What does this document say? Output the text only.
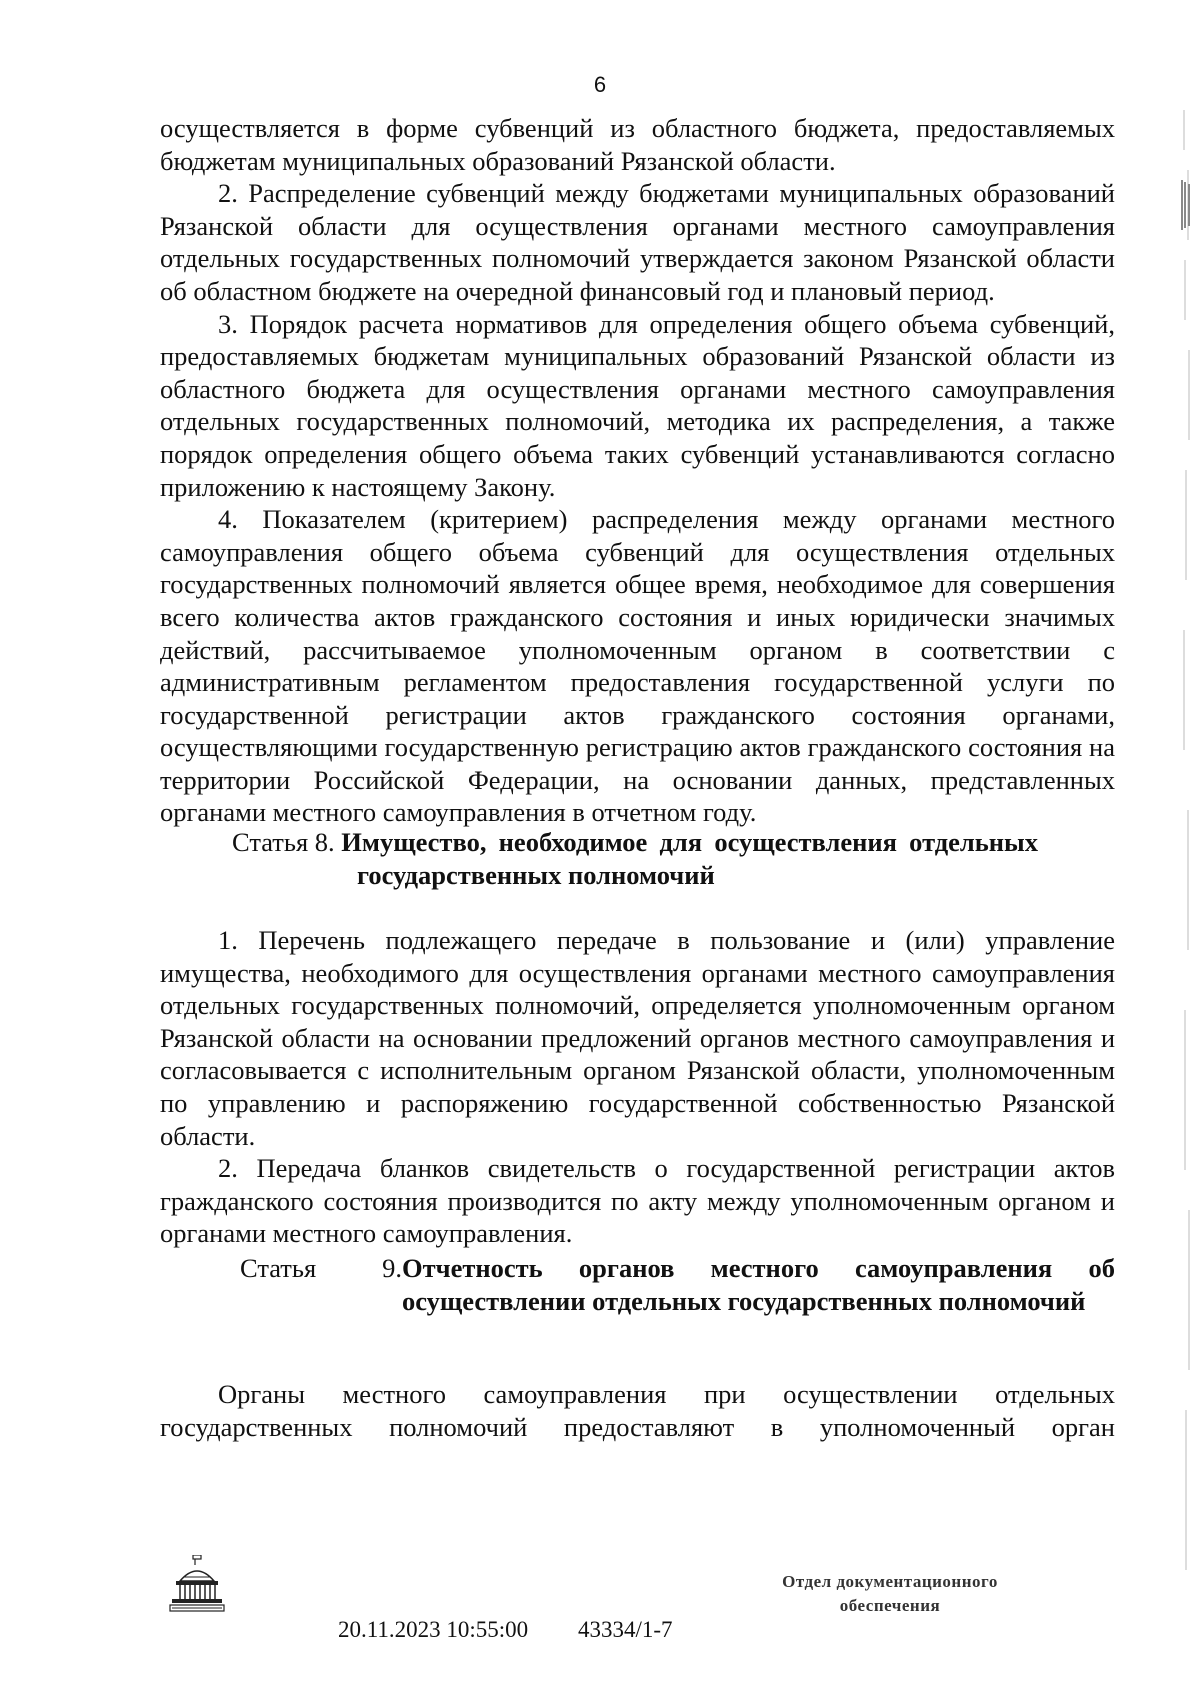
6

осуществляется в форме субвенций из областного бюджета, предоставляемых бюджетам муниципальных образований Рязанской области.

2. Распределение субвенций между бюджетами муниципальных образований Рязанской области для осуществления органами местного самоуправления отдельных государственных полномочий утверждается законом Рязанской области об областном бюджете на очередной финансовый год и плановый период.

3. Порядок расчета нормативов для определения общего объема субвенций, предоставляемых бюджетам муниципальных образований Рязанской области из областного бюджета для осуществления органами местного самоуправления отдельных государственных полномочий, методика их распределения, а также порядок определения общего объема таких субвенций устанавливаются согласно приложению к настоящему Закону.

4. Показателем (критерием) распределения между органами местного самоуправления общего объема субвенций для осуществления отдельных государственных полномочий является общее время, необходимое для совершения всего количества актов гражданского состояния и иных юридически значимых действий, рассчитываемое уполномоченным органом в соответствии с административным регламентом предоставления государственной услуги по государственной регистрации актов гражданского состояния органами, осуществляющими государственную регистрацию актов гражданского состояния на территории Российской Федерации, на основании данных, представленных органами местного самоуправления в отчетном году.

Статья 8.
Имущество, необходимое для осуществления отдельных
государственных полномочий

1. Перечень подлежащего передаче в пользование и (или) управление имущества, необходимого для осуществления органами местного самоуправления отдельных государственных полномочий, определяется уполномоченным органом Рязанской области на основании предложений органов местного самоуправления и согласовывается с исполнительным органом Рязанской области, уполномоченным по управлению и распоряжению государственной собственностью Рязанской области.

2. Передача бланков свидетельств о государственной регистрации актов гражданского состояния производится по акту между уполномоченным органом и органами местного самоуправления.

Статья 9. Отчетность органов местного самоуправления об осуществлении отдельных государственных полномочий

Органы местного самоуправления при осуществлении отдельных государственных полномочий предоставляют в уполномоченный орган

20.11.2023 10:55:00 43334/1-7
Отдел документационного
обеспечения
